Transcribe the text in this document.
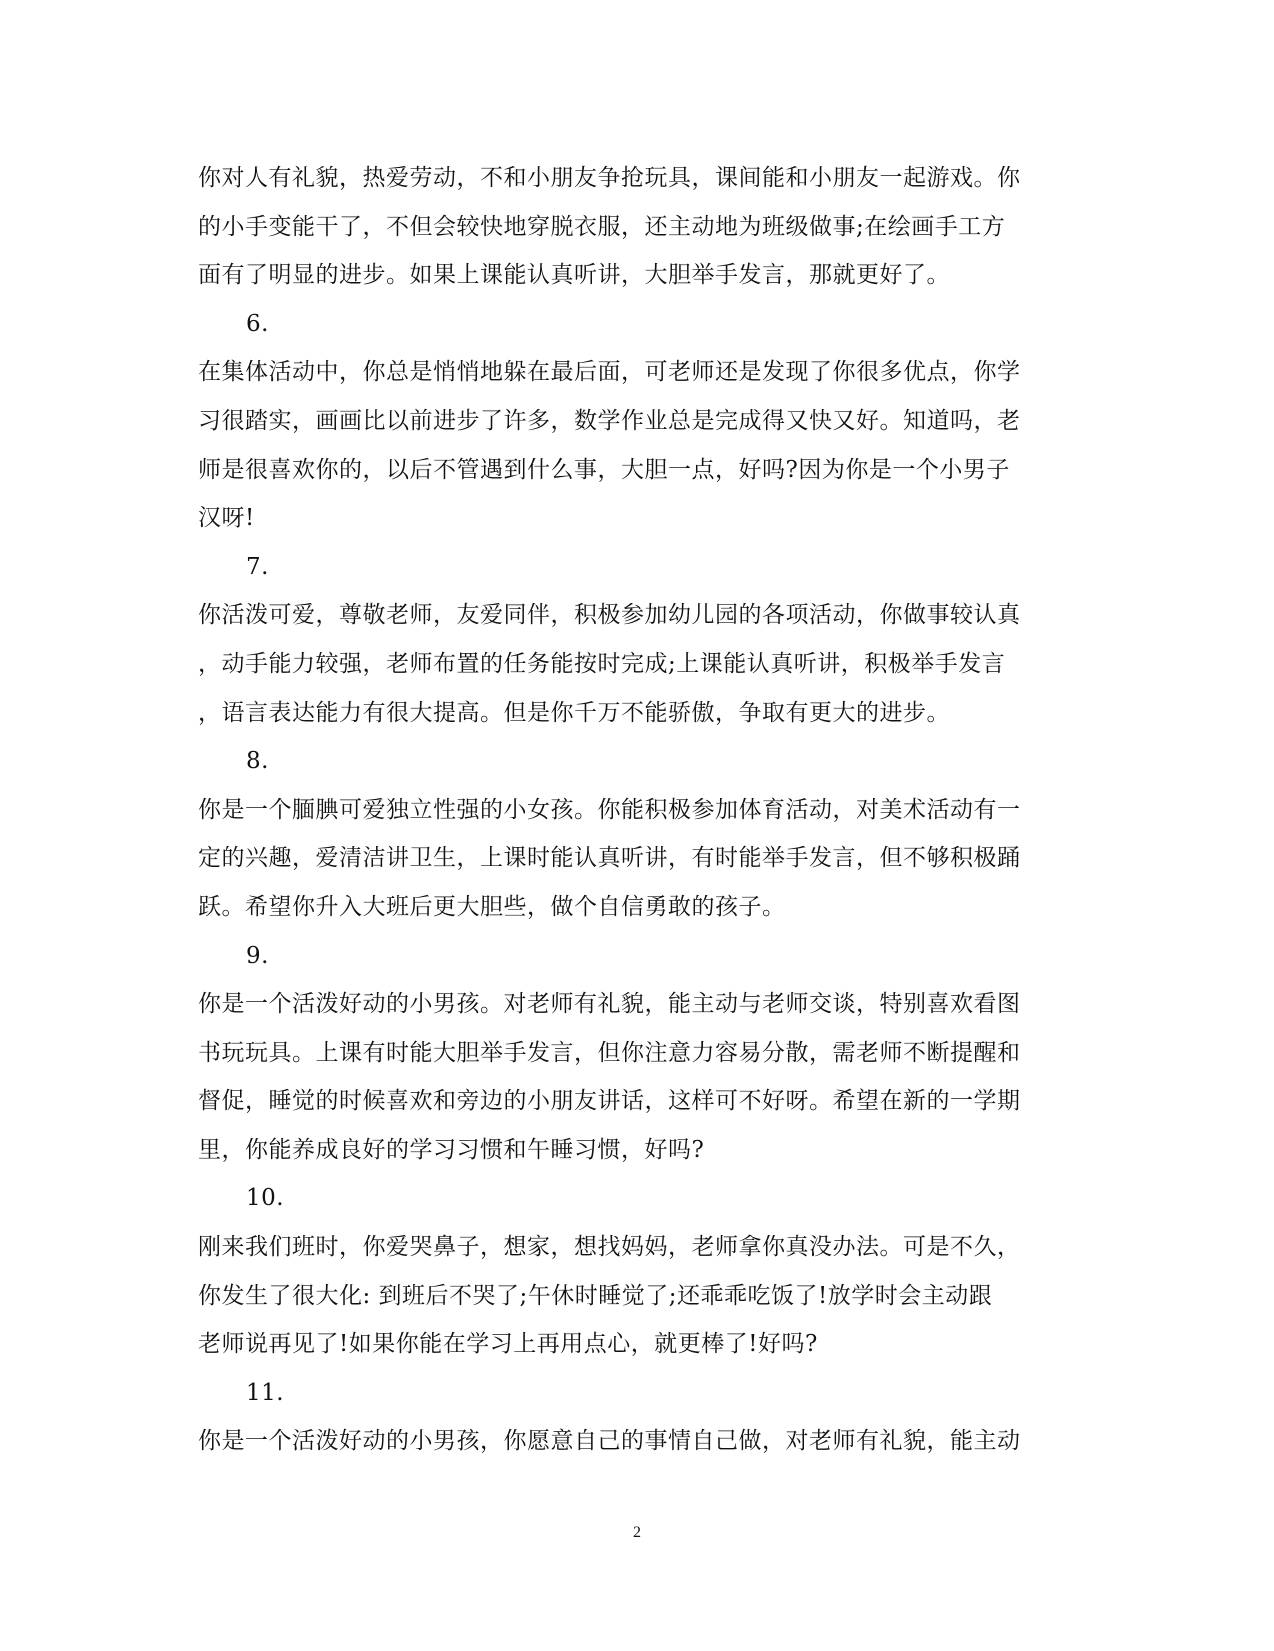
你对人有礼貌，热爱劳动，不和小朋友争抢玩具，课间能和小朋友一起游戏。你
的小手变能干了，不但会较快地穿脱衣服，还主动地为班级做事;在绘画手工方
面有了明显的进步。如果上课能认真听讲，大胆举手发言，那就更好了。
6.
在集体活动中，你总是悄悄地躲在最后面，可老师还是发现了你很多优点，你学
习很踏实，画画比以前进步了许多，数学作业总是完成得又快又好。知道吗，老
师是很喜欢你的，以后不管遇到什么事，大胆一点，好吗?因为你是一个小男子
汉呀!
7.
你活泼可爱，尊敬老师，友爱同伴，积极参加幼儿园的各项活动，你做事较认真
，动手能力较强，老师布置的任务能按时完成;上课能认真听讲，积极举手发言
，语言表达能力有很大提高。但是你千万不能骄傲，争取有更大的进步。
8.
你是一个腼腆可爱独立性强的小女孩。你能积极参加体育活动，对美术活动有一
定的兴趣，爱清洁讲卫生，上课时能认真听讲，有时能举手发言，但不够积极踊
跃。希望你升入大班后更大胆些，做个自信勇敢的孩子。
9.
你是一个活泼好动的小男孩。对老师有礼貌，能主动与老师交谈，特别喜欢看图
书玩玩具。上课有时能大胆举手发言，但你注意力容易分散，需老师不断提醒和
督促，睡觉的时候喜欢和旁边的小朋友讲话，这样可不好呀。希望在新的一学期
里，你能养成良好的学习习惯和午睡习惯，好吗?
10.
刚来我们班时，你爱哭鼻子，想家，想找妈妈，老师拿你真没办法。可是不久，
你发生了很大化: 到班后不哭了;午休时睡觉了;还乖乖吃饭了!放学时会主动跟
老师说再见了!如果你能在学习上再用点心，就更棒了!好吗?
11.
你是一个活泼好动的小男孩，你愿意自己的事情自己做，对老师有礼貌，能主动
2
